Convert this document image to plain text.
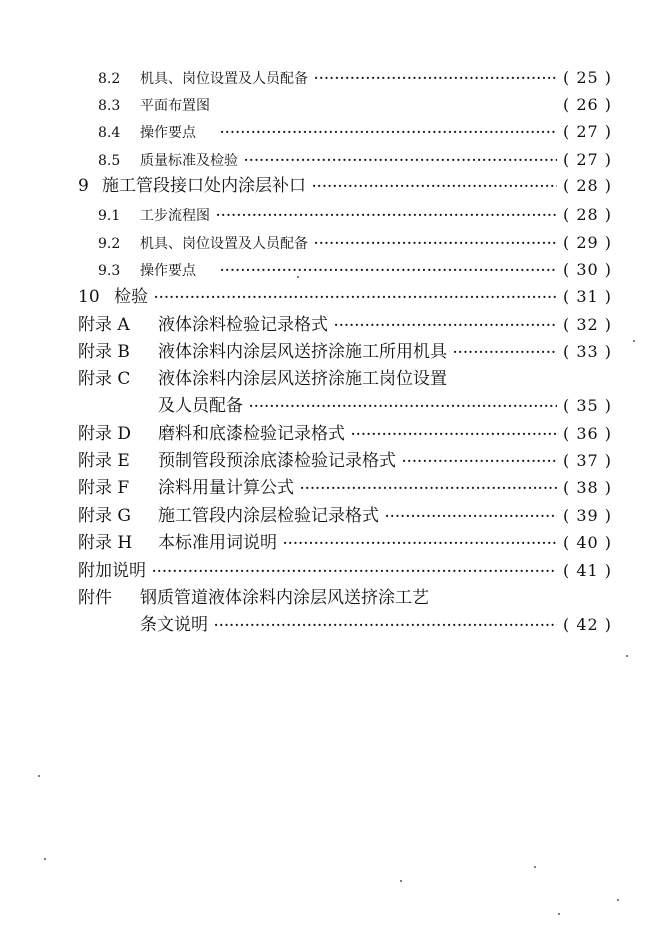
8.2	机具、岗位设置及人员配备 ·····	( 25 )
8.3	平面布置图	( 26 )
8.4	操作要点 ·····	( 27 )
8.5	质量标准及检验 ·····	( 27 )
9 施工管段接口处内涂层补口 ·····	( 28 )
9.1	工步流程图 ·····	( 28 )
9.2	机具、岗位设置及人员配备 ·····	( 29 )
9.3	操作要点 ·····	( 30 )
10 检验 ·····	( 31 )
附录 A	液体涂料检验记录格式 ·····	( 32 )
附录 B	液体涂料内涂层风送挤涂施工所用机具 ·····	( 33 )
附录 C	液体涂料内涂层风送挤涂施工岗位设置
及人员配备 ·····	( 35 )
附录 D	磨料和底漆检验记录格式 ·····	( 36 )
附录 E	预制管段预涂底漆检验记录格式 ·····	( 37 )
附录 F	涂料用量计算公式 ·····	( 38 )
附录 G	施工管段内涂层检验记录格式 ·····	( 39 )
附录 H	本标准用词说明 ·····	( 40 )
附加说明 ·····	( 41 )
附件	钢质管道液体涂料内涂层风送挤涂工艺
条文说明 ·····	( 42 )
